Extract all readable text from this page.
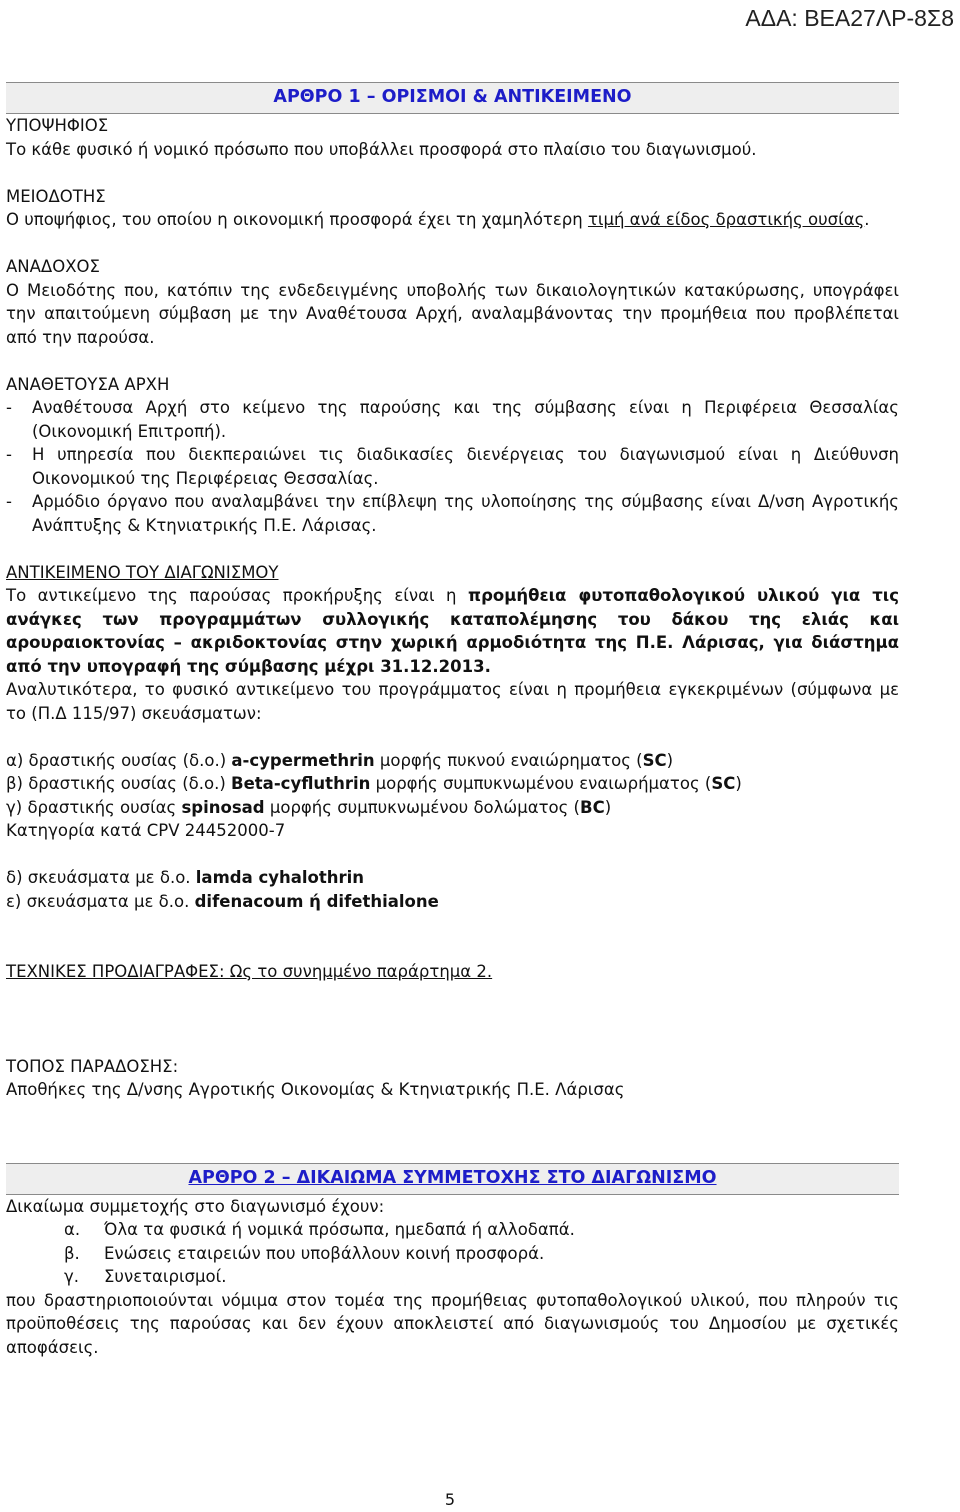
ΑΔΑ: ΒΕΑ27ΛΡ-8Σ8
ΑΡΘΡΟ 1 – ΟΡΙΣΜΟΙ & ΑΝΤΙΚΕΙΜΕΝΟ
ΥΠΟΨΗΦΙΟΣ
Το κάθε φυσικό ή νομικό πρόσωπο που υποβάλλει προσφορά στο πλαίσιο του διαγωνισμού.
ΜΕΙΟΔΟΤΗΣ
Ο υποψήφιος, του οποίου η οικονομική προσφορά έχει τη χαμηλότερη τιμή ανά είδος δραστικής ουσίας.
ΑΝΑΔΟΧΟΣ
Ο Μειοδότης που, κατόπιν της ενδεδειγμένης υποβολής των δικαιολογητικών κατακύρωσης, υπογράφει την απαιτούμενη σύμβαση με την Αναθέτουσα Αρχή, αναλαμβάνοντας την προμήθεια που προβλέπεται από την παρούσα.
ΑΝΑΘΕΤΟΥΣΑ ΑΡΧΗ
-	Αναθέτουσα Αρχή στο κείμενο της παρούσης και της σύμβασης είναι η Περιφέρεια Θεσσαλίας (Οικονομική Επιτροπή).
-	Η υπηρεσία που διεκπεραιώνει τις διαδικασίες διενέργειας του διαγωνισμού είναι η Διεύθυνση Οικονομικού της Περιφέρειας Θεσσαλίας.
-	Αρμόδιο όργανο που αναλαμβάνει την επίβλεψη της υλοποίησης της σύμβασης είναι Δ/νση Αγροτικής Ανάπτυξης & Κτηνιατρικής Π.Ε. Λάρισας.
ΑΝΤΙΚΕΙΜΕΝΟ ΤΟΥ ΔΙΑΓΩΝΙΣΜΟΥ
Το αντικείμενο της παρούσας προκήρυξης είναι η προμήθεια φυτοπαθολογικού υλικού για τις ανάγκες των προγραμμάτων συλλογικής καταπολέμησης του δάκου της ελιάς και αρουραιοκτονίας – ακριδοκτονίας στην χωρική αρμοδιότητα της Π.Ε. Λάρισας, για διάστημα από την υπογραφή της σύμβασης μέχρι 31.12.2013.
Αναλυτικότερα, το φυσικό αντικείμενο του προγράμματος είναι η προμήθεια εγκεκριμένων (σύμφωνα με το (Π.Δ 115/97) σκευάσματων:
α) δραστικής ουσίας (δ.ο.) a-cypermethrin μορφής πυκνού εναιώρηματος (SC)
β) δραστικής ουσίας (δ.ο.) Beta-cyfluthrin μορφής συμπυκνωμένου εναιωρήματος (SC)
γ) δραστικής ουσίας spinosad μορφής συμπυκνωμένου δολώματος (BC)
Κατηγορία κατά CPV 24452000-7
δ) σκευάσματα με δ.ο. lamda cyhalothrin
ε) σκευάσματα με δ.ο. difenacoum ή difethialone
ΤΕΧΝΙΚΕΣ ΠΡΟΔΙΑΓΡΑΦΕΣ: Ως το συνημμένο παράρτημα 2.
ΤΟΠΟΣ ΠΑΡΑΔΟΣΗΣ:
Αποθήκες της Δ/νσης Αγροτικής Οικονομίας & Κτηνιατρικής Π.Ε. Λάρισας
ΑΡΘΡΟ 2 – ΔΙΚΑΙΩΜΑ ΣΥΜΜΕΤΟΧΗΣ ΣΤΟ ΔΙΑΓΩΝΙΣΜΟ
Δικαίωμα συμμετοχής στο διαγωνισμό έχουν:
α.	Όλα τα φυσικά ή νομικά πρόσωπα, ημεδαπά ή αλλοδαπά.
β.	Ενώσεις εταιρειών που υποβάλλουν κοινή προσφορά.
γ.	Συνεταιρισμοί.
που δραστηριοποιούνται νόμιμα στον τομέα της προμήθειας φυτοπαθολογικού υλικού, που πληρούν τις προϋποθέσεις της παρούσας και δεν έχουν αποκλειστεί από διαγωνισμούς του Δημοσίου με σχετικές αποφάσεις.
5
